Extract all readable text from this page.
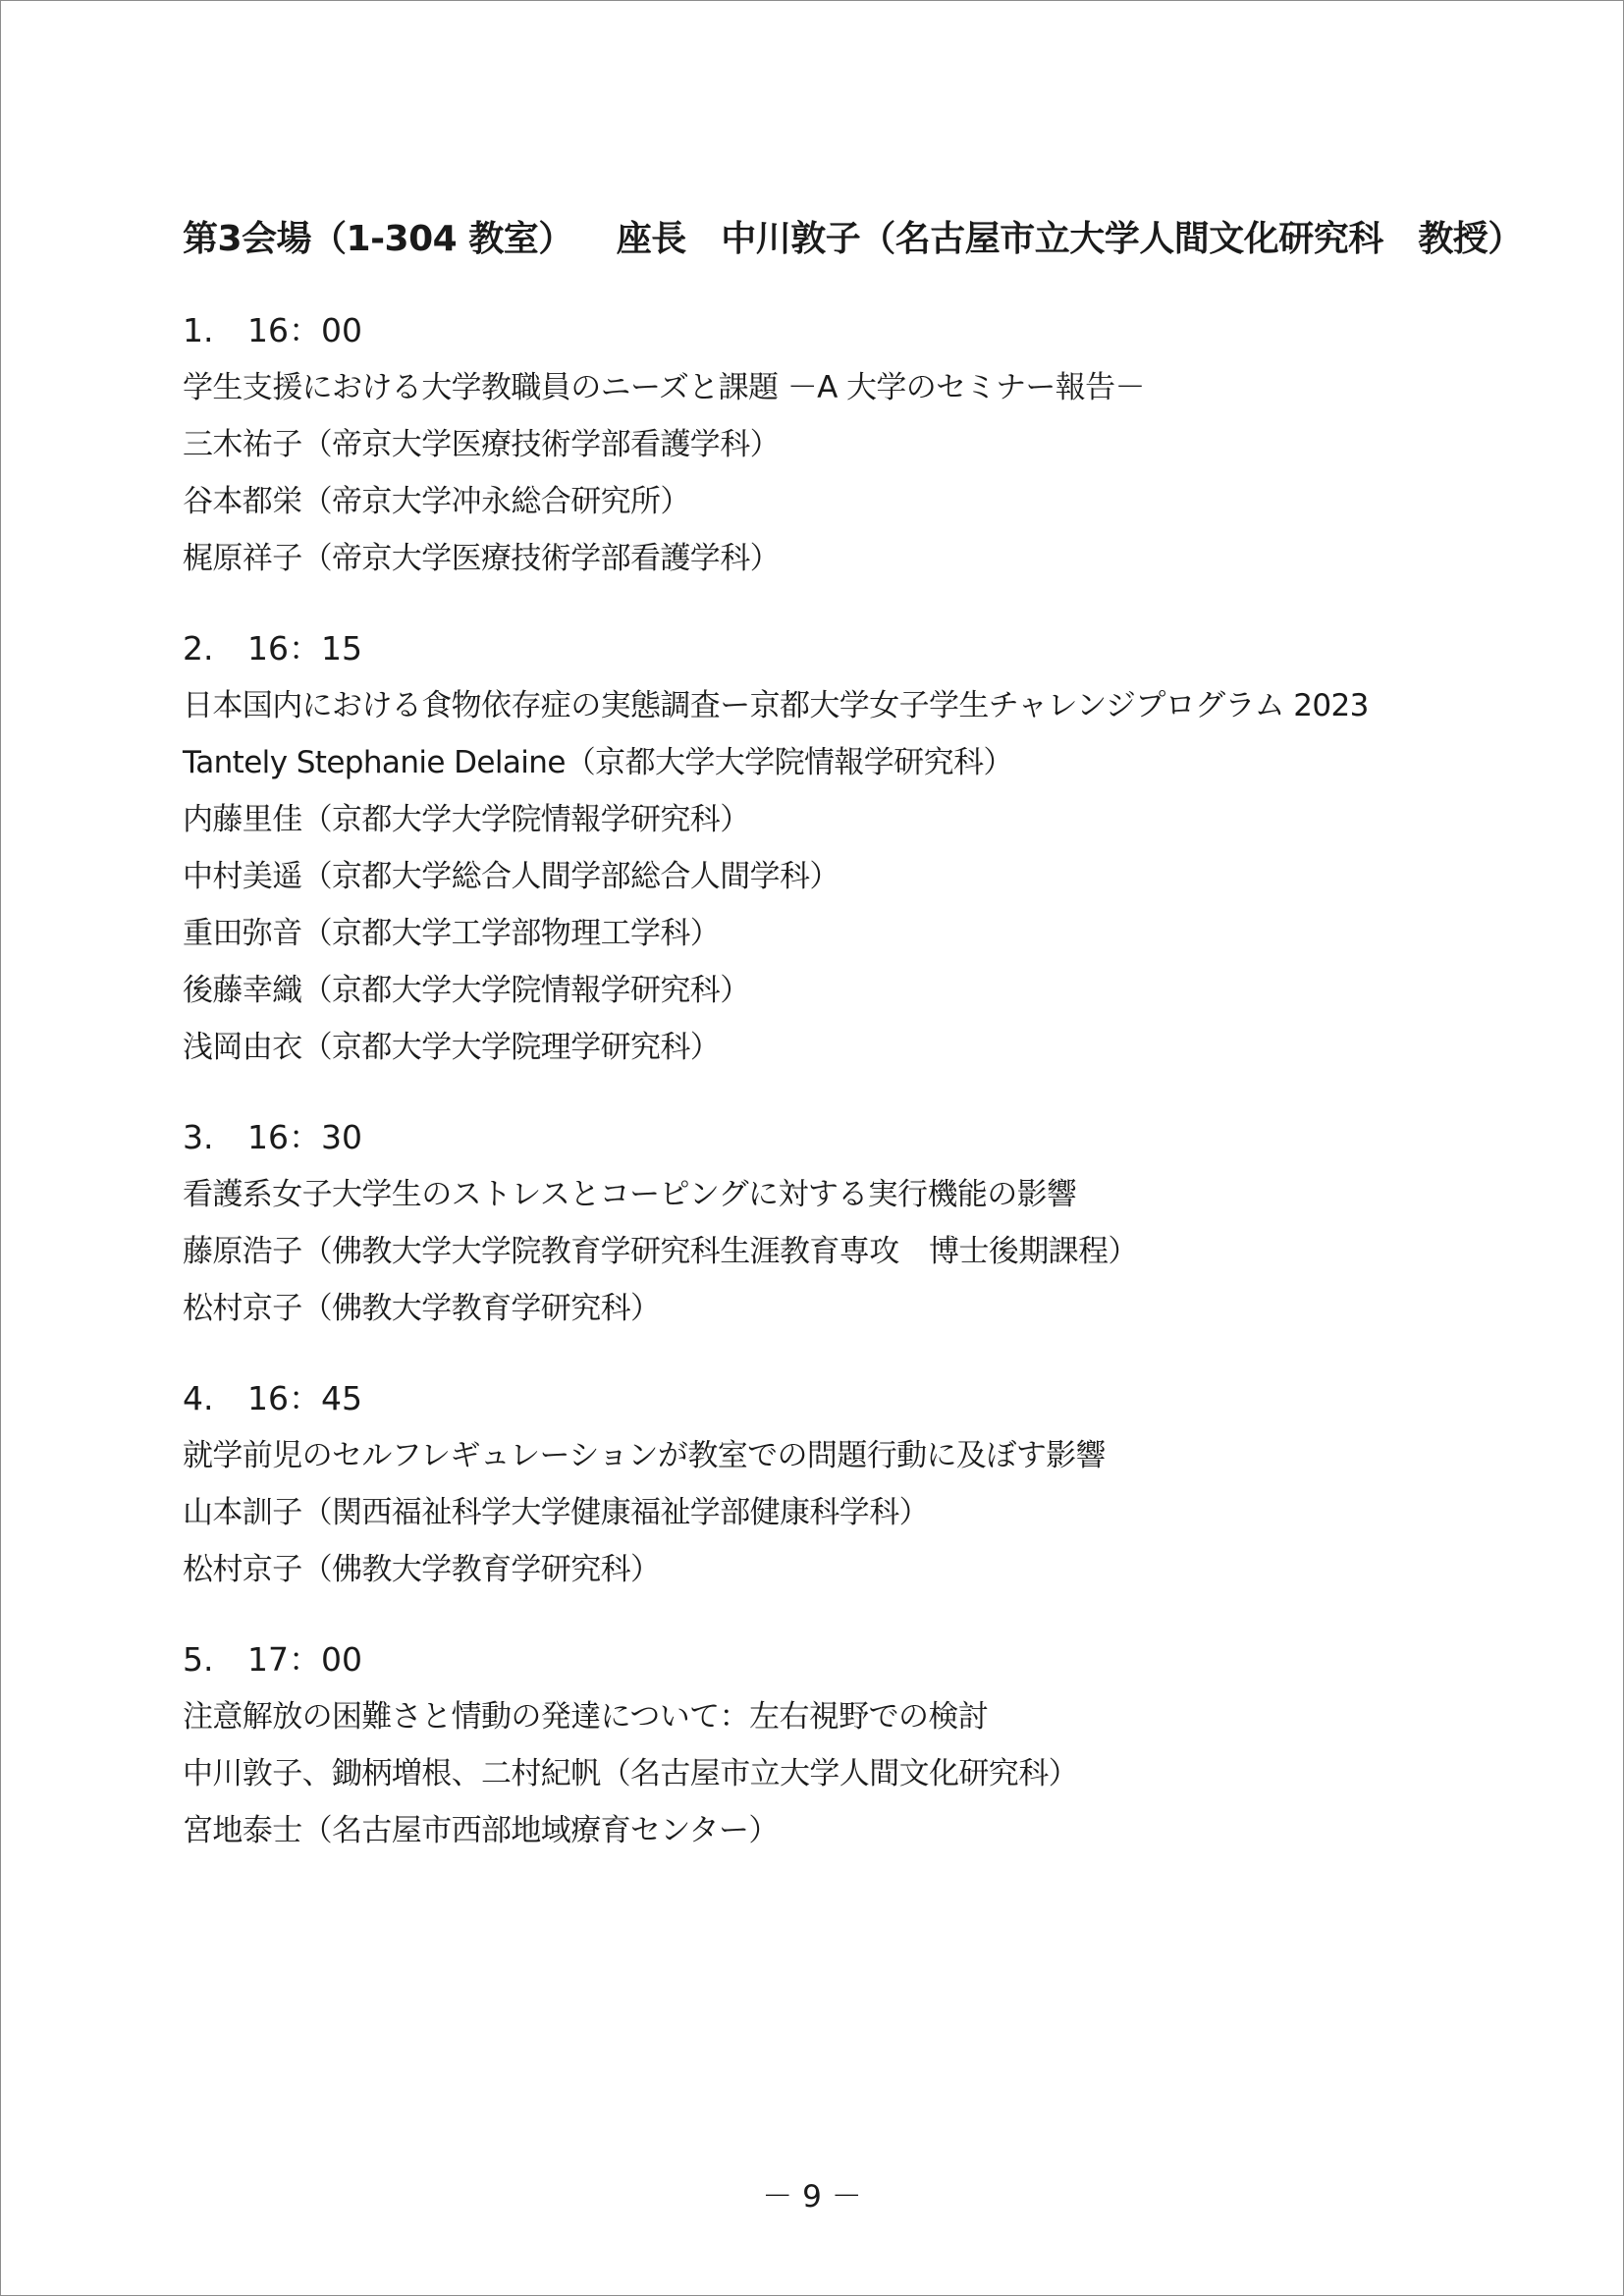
第3会場（1-304 教室） 座長　中川敦子（名古屋市立大学人間文化研究科　教授）
1. 16：00
学生支援における大学教職員のニーズと課題 －A 大学のセミナー報告－
三木祐子（帝京大学医療技術学部看護学科）
谷本都栄（帝京大学冲永総合研究所）
梶原祥子（帝京大学医療技術学部看護学科）
2. 16：15
日本国内における食物依存症の実態調査ー京都大学女子学生チャレンジプログラム 2023
Tantely Stephanie Delaine（京都大学大学院情報学研究科）
内藤里佳（京都大学大学院情報学研究科）
中村美遥（京都大学総合人間学部総合人間学科）
重田弥音（京都大学工学部物理工学科）
後藤幸織（京都大学大学院情報学研究科）
浅岡由衣（京都大学大学院理学研究科）
3. 16：30
看護系女子大学生のストレスとコーピングに対する実行機能の影響
藤原浩子（佛教大学大学院教育学研究科生涯教育専攻　博士後期課程）
松村京子（佛教大学教育学研究科）
4. 16：45
就学前児のセルフレギュレーションが教室での問題行動に及ぼす影響
山本訓子（関西福祉科学大学健康福祉学部健康科学科）
松村京子（佛教大学教育学研究科）
5. 17：00
注意解放の困難さと情動の発達について：左右視野での検討
中川敦子、鋤柄増根、二村紀帆（名古屋市立大学人間文化研究科）
宮地泰士（名古屋市西部地域療育センター）
－ 9 －
